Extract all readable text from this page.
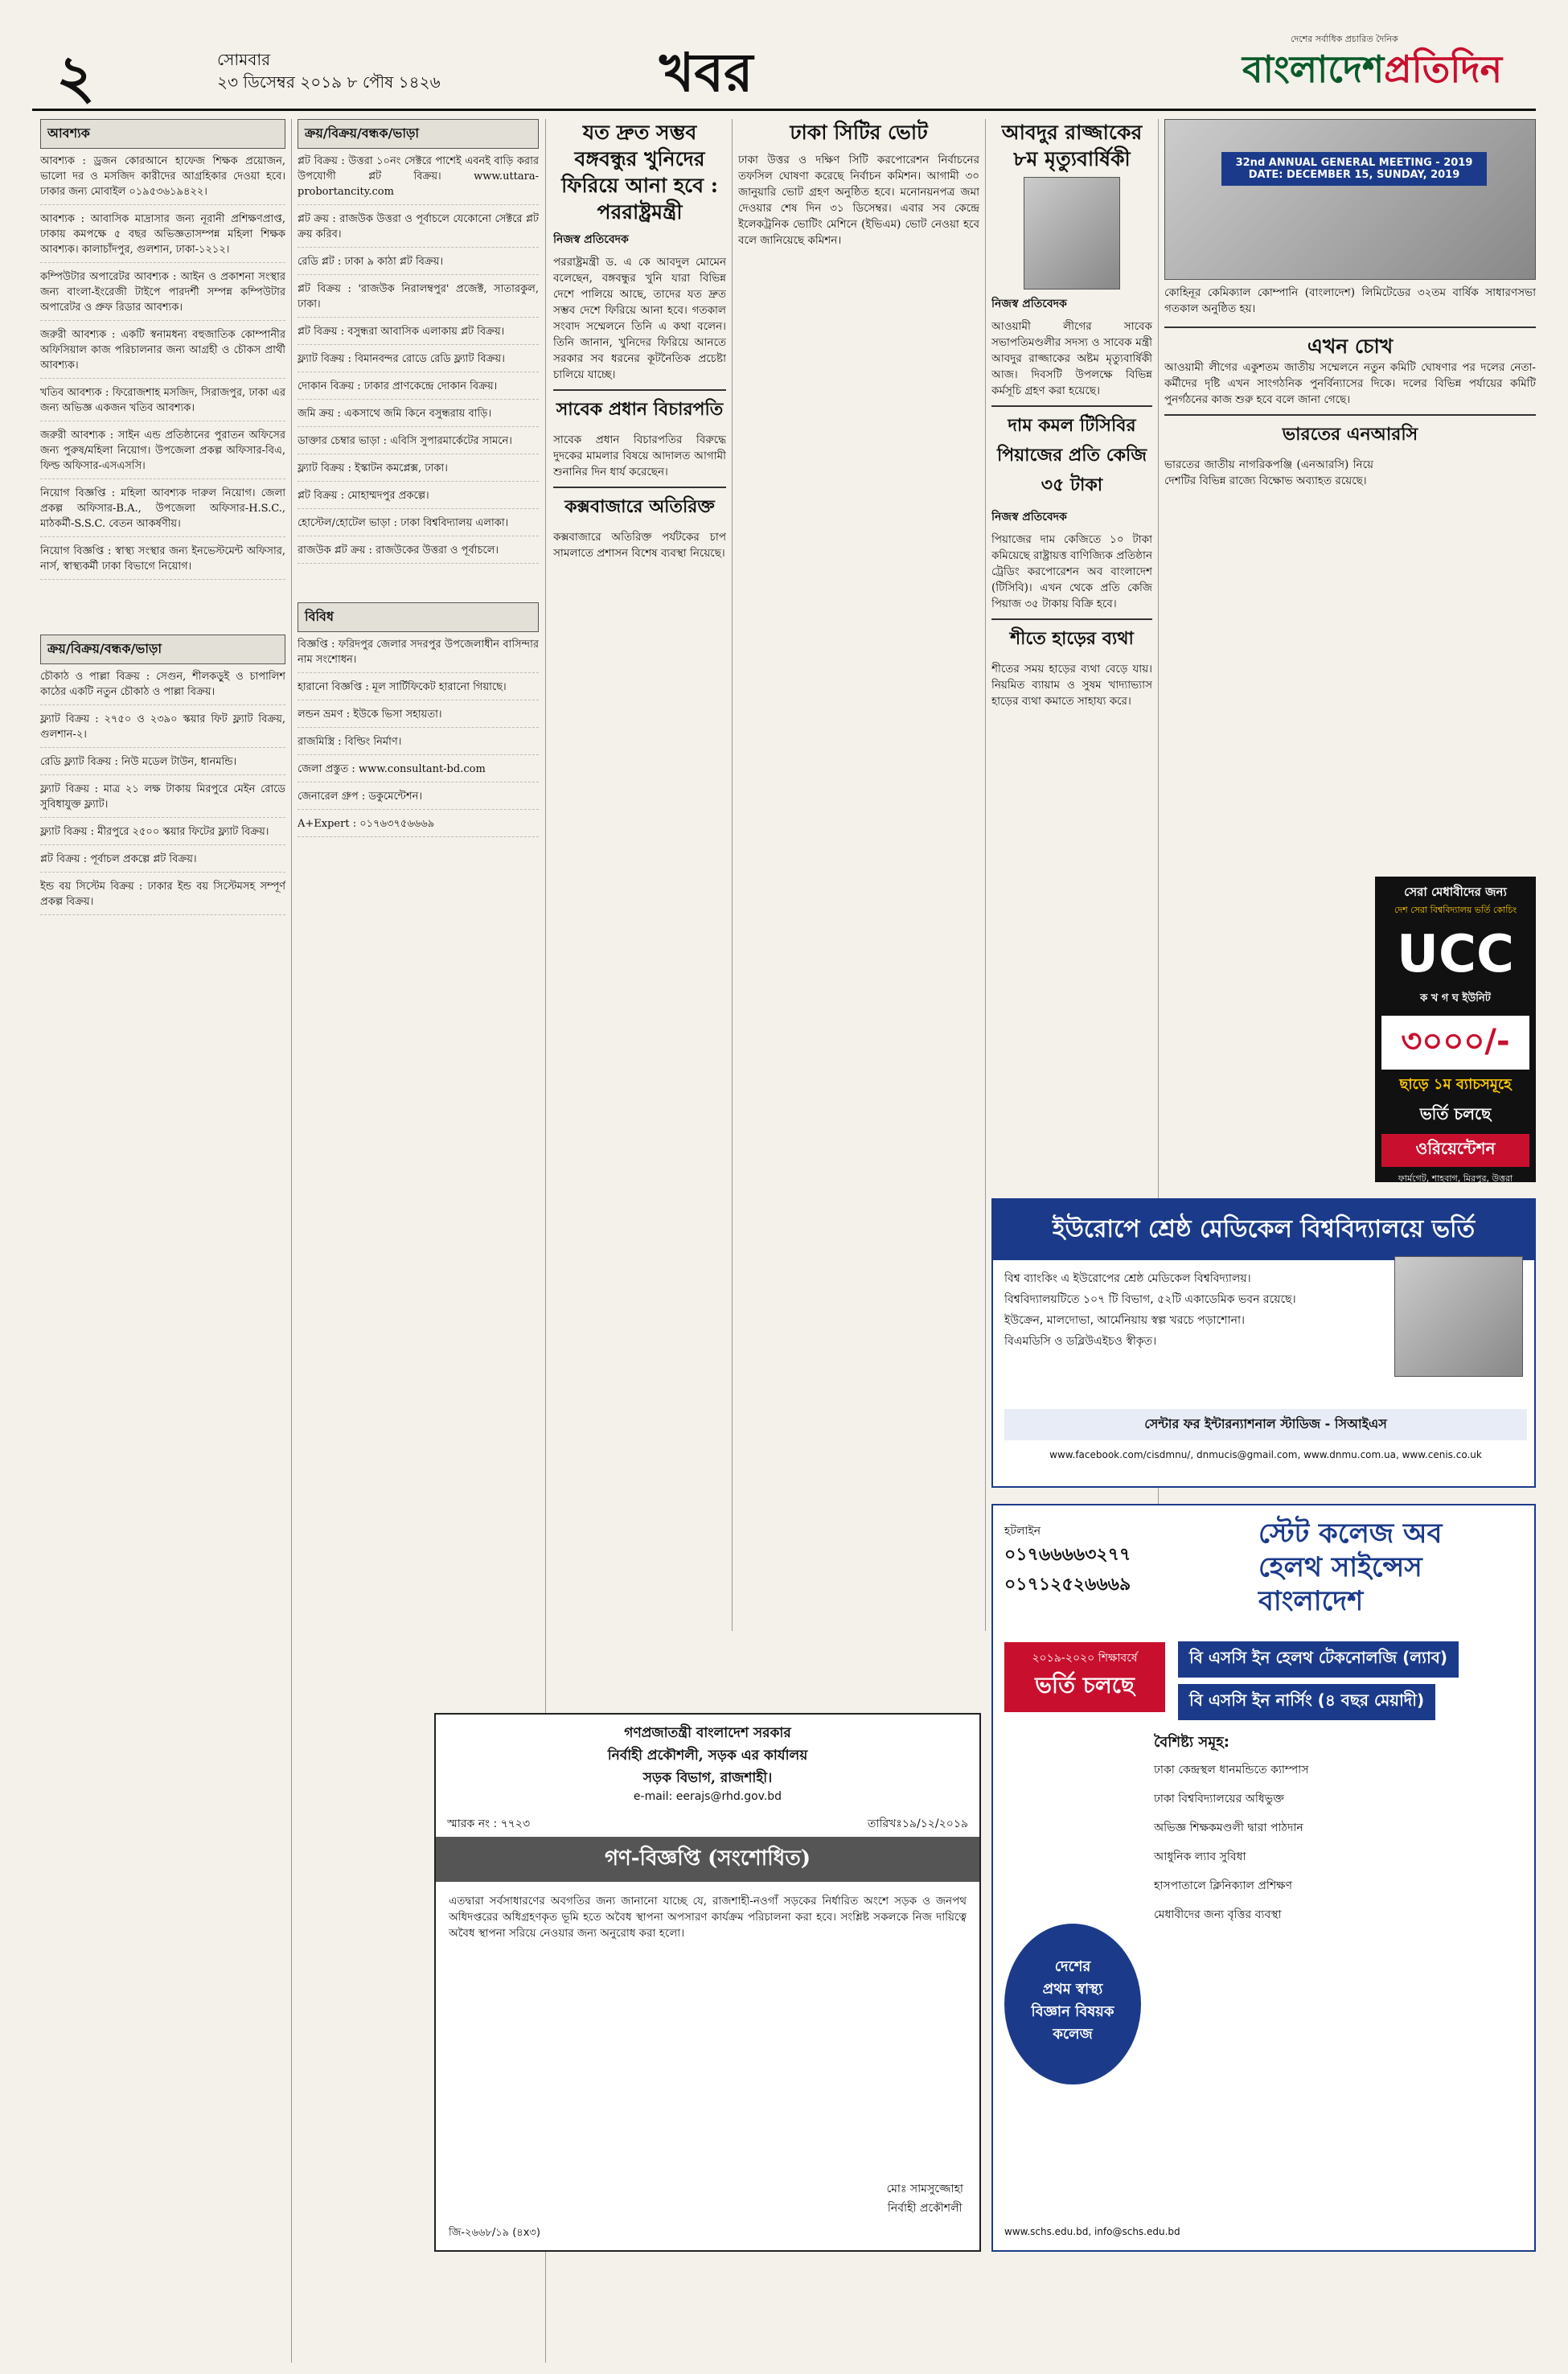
২	সোমবার
২৩ ডিসেম্বর ২০১৯ ৮ পৌষ ১৪২৬	খবর
দেশের সর্বাধিক প্রচারিত দৈনিক
বাংলাদেশপ্রতিদিন
আবশ্যক
আবশ্যক : ড্রজন কোরআনে হাফেজ শিক্ষক প্রয়োজন, ভালো দর ও মসজিদ কারীদের আগ্রহিকার দেওয়া হবে। ঢাকার জন্য মোবাইল ০১৯৫৩৬১৯৪২২।
আবশ্যক : আবাসিক মাদ্রাসার জন্য নূরানী প্রশিক্ষণপ্রাপ্ত, ঢাকায় কমপক্ষে ৫ বছর অভিজ্ঞতাসম্পন্ন মহিলা শিক্ষক আবশ্যক। কালাচাঁদপুর, গুলশান, ঢাকা-১২১২।
কম্পিউটার অপারেটর আবশ্যক : আইন ও প্রকাশনা সংস্থার জন্য বাংলা-ইংরেজী টাইপে পারদর্শী সম্পন্ন কম্পিউটার অপারেটর ও প্রুফ রিডার আবশ্যক।
জরুরী আবশ্যক : একটি স্বনামধন্য বহুজাতিক কোম্পানীর অফিসিয়াল কাজ পরিচালনার জন্য আগ্রহী ও চৌকস প্রার্থী আবশ্যক।
খতিব আবশ্যক : ফিরোজশাহ মসজিদ, সিরাজপুর, ঢাকা এর জন্য অভিজ্ঞ একজন খতিব আবশ্যক।
জরুরী আবশ্যক : সাইন এন্ড প্রতিষ্ঠানের পুরাতন অফিসের জন্য পুরুষ/মহিলা নিয়োগ। উপজেলা প্রকল্প অফিসার-বিএ, ফিল্ড অফিসার-এসএসসি।
নিয়োগ বিজ্ঞপ্তি : মহিলা আবশ্যক দারুল নিয়োগ। জেলা প্রকল্প অফিসার-B.A., উপজেলা অফিসার-H.S.C., মাঠকর্মী-S.S.C. বেতন আকর্ষণীয়।
নিয়োগ বিজ্ঞপ্তি : স্বাস্থ্য সংস্থার জন্য ইনভেস্টমেন্ট অফিসার, নার্স, স্বাস্থ্যকর্মী ঢাকা বিভাগে নিয়োগ।
ক্রয়/বিক্রয়/বন্ধক/ভাড়া
চৌকাঠ ও পাল্লা বিক্রয় : সেগুন, শীলকড়ুই ও চাপালিশ কাঠের একটি নতুন চৌকাঠ ও পাল্লা বিক্রয়।
ফ্ল্যাট বিক্রয় : ২৭৫০ ও ২৩৯০ স্কয়ার ফিট ফ্ল্যাট বিক্রয়, গুলশান-২।
রেডি ফ্ল্যাট বিক্রয় : নিউ মডেল টাউন, ধানমন্ডি।
ফ্ল্যাট বিক্রয় : মাত্র ২১ লক্ষ টাকায় মিরপুরে মেইন রোডে সুবিধাযুক্ত ফ্ল্যাট।
ফ্ল্যাট বিক্রয় : মীরপুরে ২৫০০ স্কয়ার ফিটের ফ্ল্যাট বিক্রয়।
প্লট বিক্রয় : পূর্বাচল প্রকল্পে প্লট বিক্রয়।
ইন্ড বয় সিস্টেম বিক্রয় : ঢাকার ইন্ড বয় সিস্টেমসহ সম্পূর্ণ প্রকল্প বিক্রয়।
ক্রয়/বিক্রয়/বন্ধক/ভাড়া
প্লট বিক্রয় : উত্তরা ১০নং সেক্টরে পাশেই এবনই বাড়ি করার উপযোগী প্লট বিক্রয়। www.uttara-probortancity.com
প্লট ক্রয় : রাজউক উত্তরা ও পূর্বাচলে যেকোনো সেক্টরে প্লট ক্রয় করিব।
রেডি প্লট : ঢাকা ৯ কাঠা প্লট বিক্রয়।
প্লট বিক্রয় : 'রাজউক নিরালম্বপুর' প্রজেক্ট, সাতারকুল, ঢাকা।
প্লট বিক্রয় : বসুন্ধরা আবাসিক এলাকায় প্লট বিক্রয়।
ফ্ল্যাট বিক্রয় : বিমানবন্দর রোডে রেডি ফ্ল্যাট বিক্রয়।
দোকান বিক্রয় : ঢাকার প্রাণকেন্দ্রে দোকান বিক্রয়।
জমি ক্রয় : একসাথে জমি কিনে বসুন্ধরায় বাড়ি।
ডাক্তার চেম্বার ভাড়া : এবিসি সুপারমার্কেটের সামনে।
ফ্ল্যাট বিক্রয় : ইস্কাটন কমপ্লেক্স, ঢাকা।
প্লট বিক্রয় : মোহাম্মদপুর প্রকল্পে।
হোস্টেল/হোটেল ভাড়া : ঢাকা বিশ্ববিদ্যালয় এলাকা।
রাজউক প্লট ক্রয় : রাজউকের উত্তরা ও পূর্বাচলে।
বিবিধ
বিজ্ঞপ্তি : ফরিদপুর জেলার সদরপুর উপজেলাধীন বাসিন্দার নাম সংশোধন।
হারানো বিজ্ঞপ্তি : মূল সার্টিফিকেট হারানো গিয়াছে।
লন্ডন ভ্রমণ : ইউকে ভিসা সহায়তা।
রাজমিস্ত্রি : বিল্ডিং নির্মাণ।
জেলা প্রস্তুত : www.consultant-bd.com
জেনারেল গ্রুপ : ডকুমেন্টেশন।
A+Expert : ০১৭৬৩৭৫৬৬৬৯
যত দ্রুত সম্ভব বঙ্গবন্ধুর খুনিদের ফিরিয়ে আনা হবে : পররাষ্ট্রমন্ত্রী
নিজস্ব প্রতিবেদক
পররাষ্ট্রমন্ত্রী ড. এ কে আবদুল মোমেন বলেছেন, বঙ্গবন্ধুর খুনি যারা বিভিন্ন দেশে পালিয়ে আছে, তাদের যত দ্রুত সম্ভব দেশে ফিরিয়ে আনা হবে। গতকাল সংবাদ সম্মেলনে তিনি এ কথা বলেন। তিনি জানান, খুনিদের ফিরিয়ে আনতে সরকার সব ধরনের কূটনৈতিক প্রচেষ্টা চালিয়ে যাচ্ছে।
সাবেক প্রধান বিচারপতি
সাবেক প্রধান বিচারপতির বিরুদ্ধে দুদকের মামলার বিষয়ে আদালত আগামী শুনানির দিন ধার্য করেছেন।
কক্সবাজারে অতিরিক্ত
কক্সবাজারে অতিরিক্ত পর্যটকের চাপ সামলাতে প্রশাসন বিশেষ ব্যবস্থা নিয়েছে।
ঢাকা সিটির ভোট
ঢাকা উত্তর ও দক্ষিণ সিটি করপোরেশন নির্বাচনের তফসিল ঘোষণা করেছে নির্বাচন কমিশন। আগামী ৩০ জানুয়ারি ভোট গ্রহণ অনুষ্ঠিত হবে। মনোনয়নপত্র জমা দেওয়ার শেষ দিন ৩১ ডিসেম্বর। এবার সব কেন্দ্রে ইলেকট্রনিক ভোটিং মেশিনে (ইভিএম) ভোট নেওয়া হবে বলে জানিয়েছে কমিশন।
আবদুর রাজ্জাকের ৮ম মৃত্যুবার্ষিকী
নিজস্ব প্রতিবেদক
আওয়ামী লীগের সাবেক সভাপতিমণ্ডলীর সদস্য ও সাবেক মন্ত্রী আবদুর রাজ্জাকের অষ্টম মৃত্যুবার্ষিকী আজ। দিবসটি উপলক্ষে বিভিন্ন কর্মসূচি গ্রহণ করা হয়েছে।
দাম কমল টিসিবির পিয়াজের প্রতি কেজি ৩৫ টাকা
নিজস্ব প্রতিবেদক
পিয়াজের দাম কেজিতে ১০ টাকা কমিয়েছে রাষ্ট্রায়ত্ত বাণিজ্যিক প্রতিষ্ঠান ট্রেডিং করপোরেশন অব বাংলাদেশ (টিসিবি)। এখন থেকে প্রতি কেজি পিয়াজ ৩৫ টাকায় বিক্রি হবে।
শীতে হাড়ের ব্যথা
শীতের সময় হাড়ের ব্যথা বেড়ে যায়। নিয়মিত ব্যায়াম ও সুষম খাদ্যাভ্যাস হাড়ের ব্যথা কমাতে সাহায্য করে।
32nd ANNUAL GENERAL MEETING - 2019
DATE: DECEMBER 15, SUNDAY, 2019
কোহিনূর কেমিক্যাল কোম্পানি (বাংলাদেশ) লিমিটেডের ৩২তম বার্ষিক সাধারণসভা গতকাল অনুষ্ঠিত হয়।
এখন চোখ
আওয়ামী লীগের একুশতম জাতীয় সম্মেলনে নতুন কমিটি ঘোষণার পর দলের নেতা-কর্মীদের দৃষ্টি এখন সাংগঠনিক পুনর্বিন্যাসের দিকে। দলের বিভিন্ন পর্যায়ের কমিটি পুনর্গঠনের কাজ শুরু হবে বলে জানা গেছে।
ভারতের এনআরসি
ভারতের জাতীয় নাগরিকপঞ্জি (এনআরসি) নিয়ে দেশটির বিভিন্ন রাজ্যে বিক্ষোভ অব্যাহত রয়েছে।
সেরা মেধাবীদের জন্য
দেশ সেরা বিশ্ববিদ্যালয় ভর্তি কোচিং
UCC
ক খ গ ঘ ইউনিট
৩০০০/-
ছাড়ে ১ম ব্যাচসমূহে
ভর্তি চলছে
ওরিয়েন্টেশন
ফার্মগেট, শাহবাগ, মিরপুর, উত্তরা
ইউরোপে শ্রেষ্ঠ মেডিকেল বিশ্ববিদ্যালয়ে ভর্তি
বিশ্ব ব্যাংকিং এ ইউরোপের শ্রেষ্ঠ মেডিকেল বিশ্ববিদ্যালয়।
বিশ্ববিদ্যালয়টিতে ১০৭ টি বিভাগ, ৫২টি একাডেমিক ভবন রয়েছে।
ইউক্রেন, মালদোভা, আর্মেনিয়ায় স্বল্প খরচে পড়াশোনা।
বিএমডিসি ও ডব্লিউএইচও স্বীকৃত।
সেন্টার ফর ইন্টারন্যাশনাল স্টাডিজ - সিআইএস
www.facebook.com/cisdmnu/, dnmucis@gmail.com, www.dnmu.com.ua, www.cenis.co.uk
গণপ্রজাতন্ত্রী বাংলাদেশ সরকার
নির্বাহী প্রকৌশলী, সড়ক এর কার্যালয়
সড়ক বিভাগ, রাজশাহী।
e-mail: eerajs@rhd.gov.bd
স্মারক নং : ৭৭২৩	তারিখঃ১৯/১২/২০১৯
গণ-বিজ্ঞপ্তি (সংশোধিত)
এতদ্বারা সর্বসাধারণের অবগতির জন্য জানানো যাচ্ছে যে, রাজশাহী-নওগাঁ সড়কের নির্ধারিত অংশে সড়ক ও জনপথ অধিদপ্তরের অধিগ্রহণকৃত ভূমি হতে অবৈধ স্থাপনা অপসারণ কার্যক্রম পরিচালনা করা হবে। সংশ্লিষ্ট সকলকে নিজ দায়িত্বে অবৈধ স্থাপনা সরিয়ে নেওয়ার জন্য অনুরোধ করা হলো।
মোঃ সামসুজ্জোহা
নির্বাহী প্রকৌশলী
জি-২৬৬৮/১৯ (৪x৩)
হটলাইন
০১৭৬৬৬৬৩২৭৭
০১৭১২৫২৬৬৬৯
স্টেট কলেজ অব
হেলথ সাইন্সেস
বাংলাদেশ
২০১৯-২০২০ শিক্ষাবর্ষে
ভর্তি চলছে
বি এসসি ইন হেলথ টেকনোলজি (ল্যাব) বি এসসি ইন নার্সিং (৪ বছর মেয়াদী)
বৈশিষ্ট্য সমূহ:
ঢাকা কেন্দ্রস্থল ধানমন্ডিতে ক্যাম্পাস
ঢাকা বিশ্ববিদ্যালয়ের অধিভুক্ত
অভিজ্ঞ শিক্ষকমণ্ডলী দ্বারা পাঠদান
আধুনিক ল্যাব সুবিধা
হাসপাতালে ক্লিনিক্যাল প্রশিক্ষণ
মেধাবীদের জন্য বৃত্তির ব্যবস্থা
দেশের
প্রথম স্বাস্থ্য
বিজ্ঞান বিষয়ক
কলেজ
www.schs.edu.bd, info@schs.edu.bd
